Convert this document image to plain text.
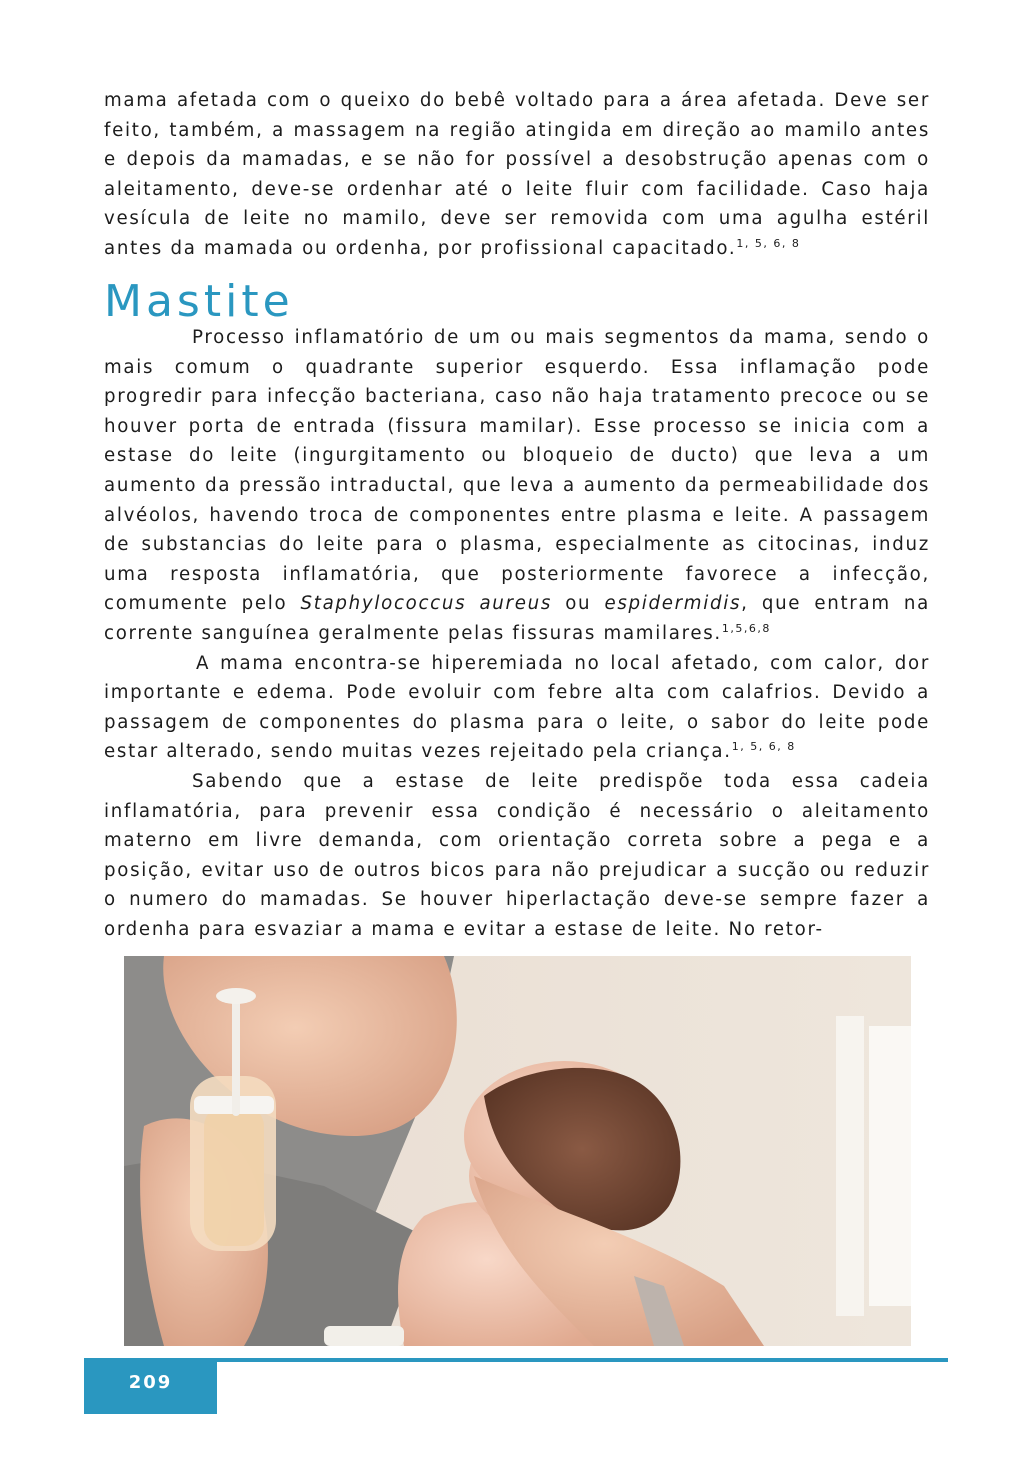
mama afetada com o queixo do bebê voltado para a área afetada. Deve ser feito, também, a massagem na região atingida em direção ao mamilo antes e depois da mamadas, e se não for possível a desobstrução apenas com o aleitamento, deve-se ordenhar até o leite fluir com facilidade. Caso haja vesícula de leite no mamilo, deve ser removida com uma agulha estéril antes da mamada ou ordenha, por profissional capacitado.$^{1, 5, 6, 8}$

Mastite

Processo inflamatório de um ou mais segmentos da mama, sendo o mais comum o quadrante superior esquerdo. Essa inflamação pode progredir para infecção bacteriana, caso não haja tratamento precoce ou se houver porta de entrada (fissura mamilar). Esse processo se inicia com a estase do leite (ingurgitamento ou bloqueio de ducto) que leva a um aumento da pressão intraductal, que leva a aumento da permeabilidade dos alvéolos, havendo troca de componentes entre plasma e leite. A passagem de substancias do leite para o plasma, especialmente as citocinas, induz uma resposta inflamatória, que posteriormente favorece a infecção, comumente pelo Staphylococcus aureus ou espidermidis, que entram na corrente sanguínea geralmente pelas fissuras mamilares.$^{1,5,6,8}$

A mama encontra-se hiperemiada no local afetado, com calor, dor importante e edema. Pode evoluir com febre alta com calafrios. Devido a passagem de componentes do plasma para o leite, o sabor do leite pode estar alterado, sendo muitas vezes rejeitado pela criança.$^{1, 5, 6, 8}$

Sabendo que a estase de leite predispõe toda essa cadeia inflamatória, para prevenir essa condição é necessário o aleitamento materno em livre demanda, com orientação correta sobre a pega e a posição, evitar uso de outros bicos para não prejudicar a sucção ou reduzir o numero do mamadas. Se houver hiperlactação deve-se sempre fazer a ordenha para esvaziar a mama e evitar a estase de leite. No retor-

209
